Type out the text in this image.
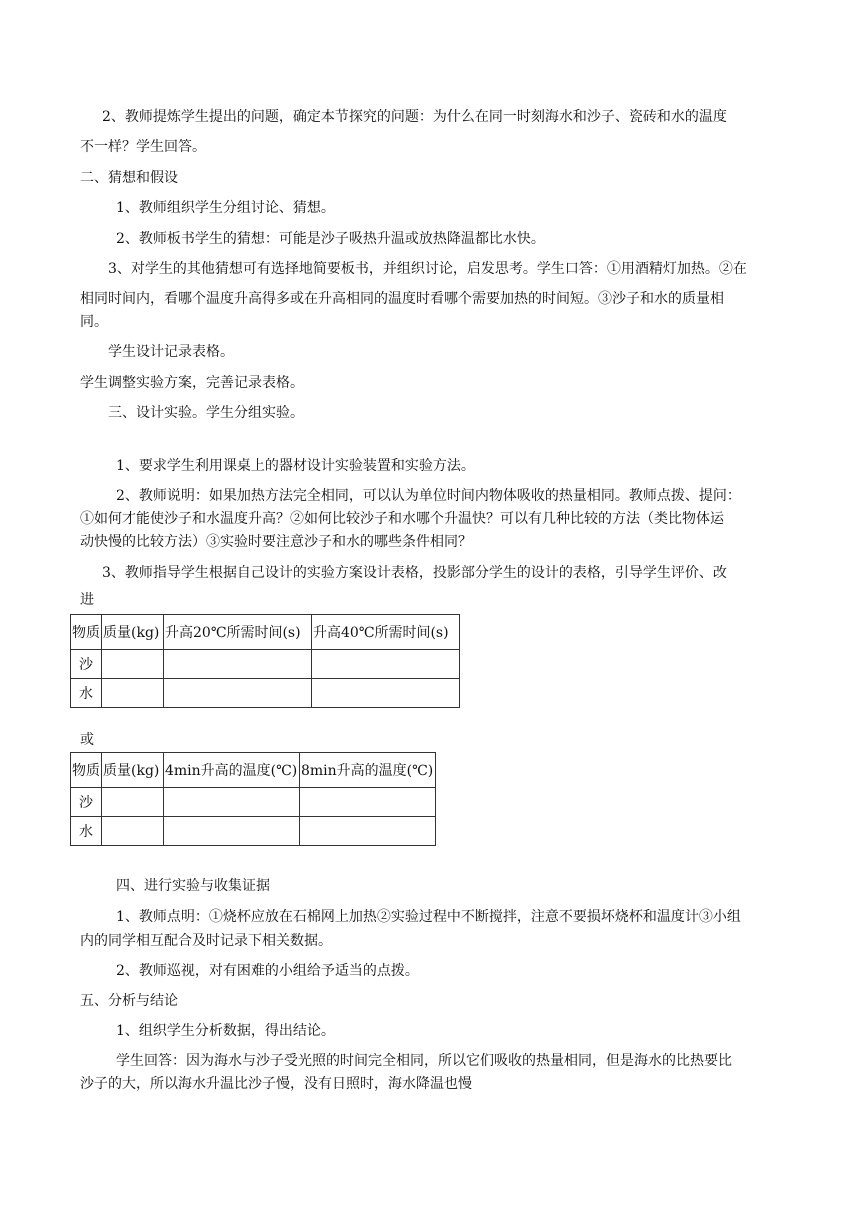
2、教师提炼学生提出的问题，确定本节探究的问题：为什么在同一时刻海水和沙子、瓷砖和水的温度
不一样？学生回答。
二、猜想和假设
1、教师组织学生分组讨论、猜想。
2、教师板书学生的猜想：可能是沙子吸热升温或放热降温都比水快。
3、对学生的其他猜想可有选择地简要板书，并组织讨论，启发思考。学生口答：①用酒精灯加热。②在
相同时间内，看哪个温度升高得多或在升高相同的温度时看哪个需要加热的时间短。③沙子和水的质量相
同。
学生设计记录表格。
学生调整实验方案，完善记录表格。
三、设计实验。学生分组实验。
1、要求学生利用课桌上的器材设计实验装置和实验方法。
2、教师说明：如果加热方法完全相同，可以认为单位时间内物体吸收的热量相同。教师点拨、提问：
①如何才能使沙子和水温度升高？②如何比较沙子和水哪个升温快？可以有几种比较的方法（类比物体运
动快慢的比较方法）③实验时要注意沙子和水的哪些条件相同？
3、教师指导学生根据自己设计的实验方案设计表格，投影部分学生的设计的表格，引导学生评价、改
进
或
四、进行实验与收集证据
1、教师点明：①烧杯应放在石棉网上加热②实验过程中不断搅拌，注意不要损坏烧杯和温度计③小组
内的同学相互配合及时记录下相关数据。
2、教师巡视，对有困难的小组给予适当的点拨。
五、分析与结论
1、组织学生分析数据，得出结论。
学生回答：因为海水与沙子受光照的时间完全相同，所以它们吸收的热量相同，但是海水的比热要比
沙子的大，所以海水升温比沙子慢，没有日照时，海水降温也慢
物质	质量(kg)	升高20℃所需时间(s)	升高40℃所需时间(s)
沙			
水			
物质	质量(kg)	4min升高的温度(℃)	8min升高的温度(℃)
沙			
水			
